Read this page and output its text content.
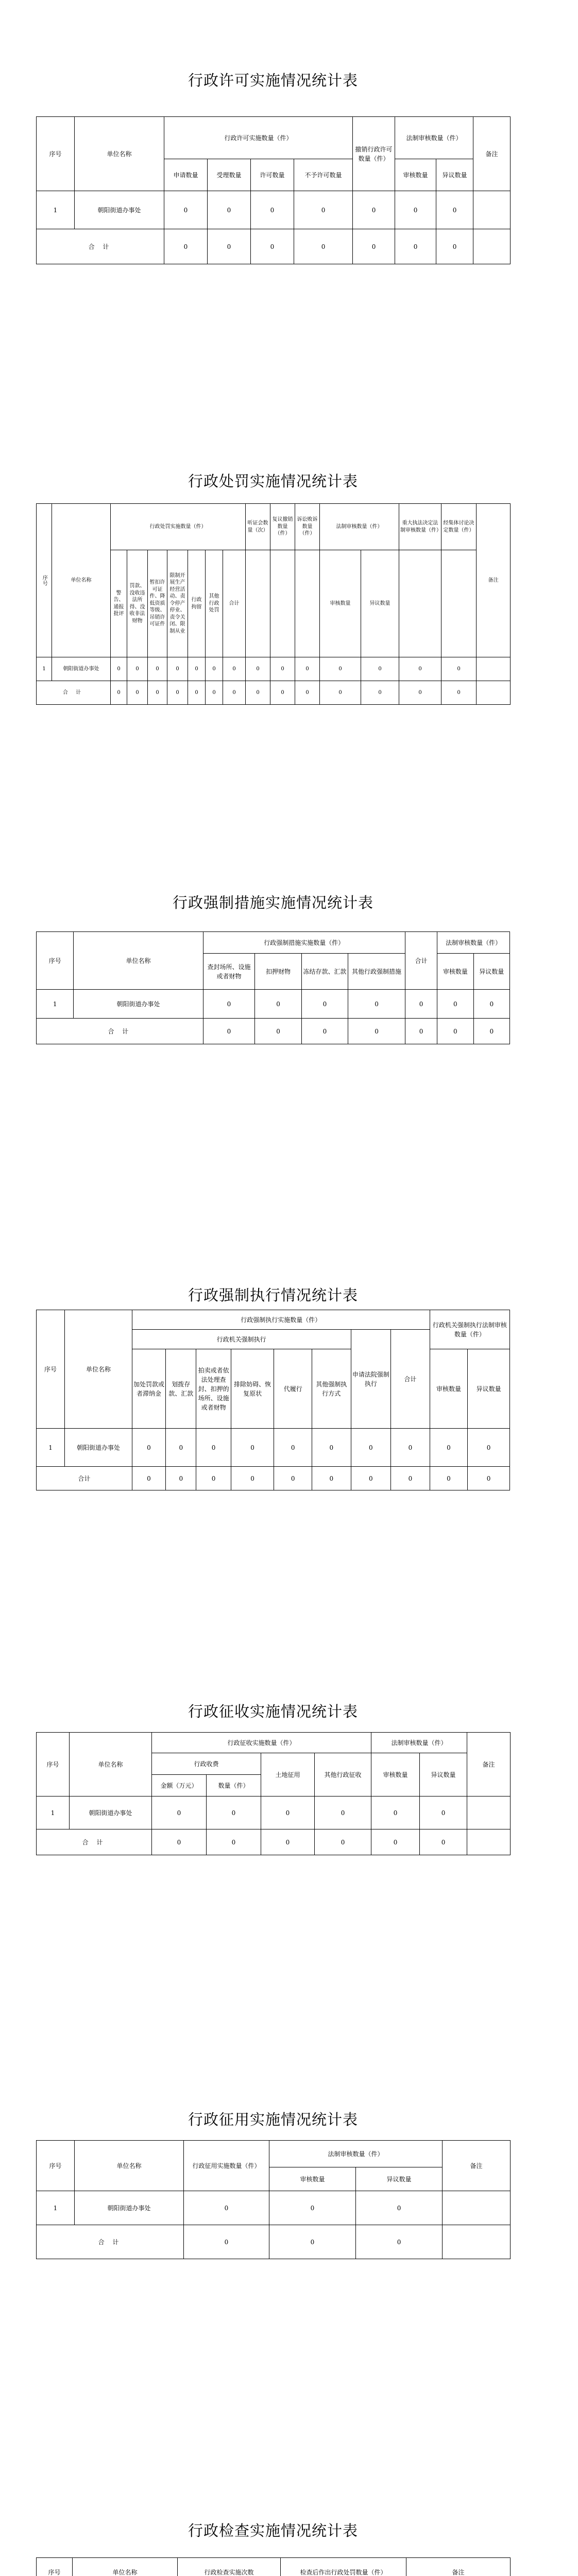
行政许可实施情况统计表
序号	单位名称	行政许可实施数量（件）				撤销行政许可数量（件）	法制审核数量（件）		备注
		申请数量	受理数量	许可数量	不予许可数量		审核数量	异议数量	
1	朝阳街道办事处	0	0	0	0	0	0	0	
合 计		0	0	0	0	0	0	0	
行政处罚实施情况统计表
序号	单位名称	行政处罚实施数量（件）							听证会数量（次）	复议撤销数量（件）	诉讼败诉数量（件）	法制审核数量（件）		重大执法决定法制审核数量（件）	经集体讨论决定数量（件）	备注
		警告、通报批评	罚款、没收违法所得、没收非法财物	暂扣许可证件、降低资质等级、吊销许可证件	限制开展生产经营活动、责令停产停业、责令关闭、限制从业	行政拘留	其他行政处罚	合计				审核数量	异议数量			
1	朝阳街道办事处	0	0	0	0	0	0	0	0	0	0	0	0	0	0	
合 计		0	0	0	0	0	0	0	0	0	0	0	0	0	0	
行政强制措施实施情况统计表
序号	单位名称	行政强制措施实施数量（件）				合计	法制审核数量（件）	
		查封场所、设施或者财物	扣押财物	冻结存款、汇款	其他行政强制措施		审核数量	异议数量
1	朝阳街道办事处	0	0	0	0	0	0	0
合 计		0	0	0	0	0	0	0
行政强制执行情况统计表
序号	单位名称	行政强制执行实施数量（件）								行政机关强制执行法制审核数量（件）	
		行政机关强制执行						申请法院强制执行	合计		
		加处罚款或者滞纳金	划拨存款、汇款	拍卖或者依法处理查封、扣押的场所、设施或者财物	排除妨碍、恢复原状	代履行	其他强制执行方式			审核数量	异议数量
1	朝阳街道办事处	0	0	0	0	0	0	0	0	0	0
合计		0	0	0	0	0	0	0	0	0	0
行政征收实施情况统计表
序号	单位名称	行政征收实施数量（件）				法制审核数量（件）		备注
		行政收费		土地征用	其他行政征收	审核数量	异议数量	
		金额（万元）	数量（件）					
1	朝阳街道办事处	0	0	0	0	0	0	
合 计		0	0	0	0	0	0	
行政征用实施情况统计表
序号	单位名称	行政征用实施数量（件）	法制审核数量（件）		备注
			审核数量	异议数量	
1	朝阳街道办事处	0	0	0	
合 计		0	0	0	
行政检查实施情况统计表
序号	单位名称	行政检查实施次数	检查后作出行政处罚数量（件）	备注
